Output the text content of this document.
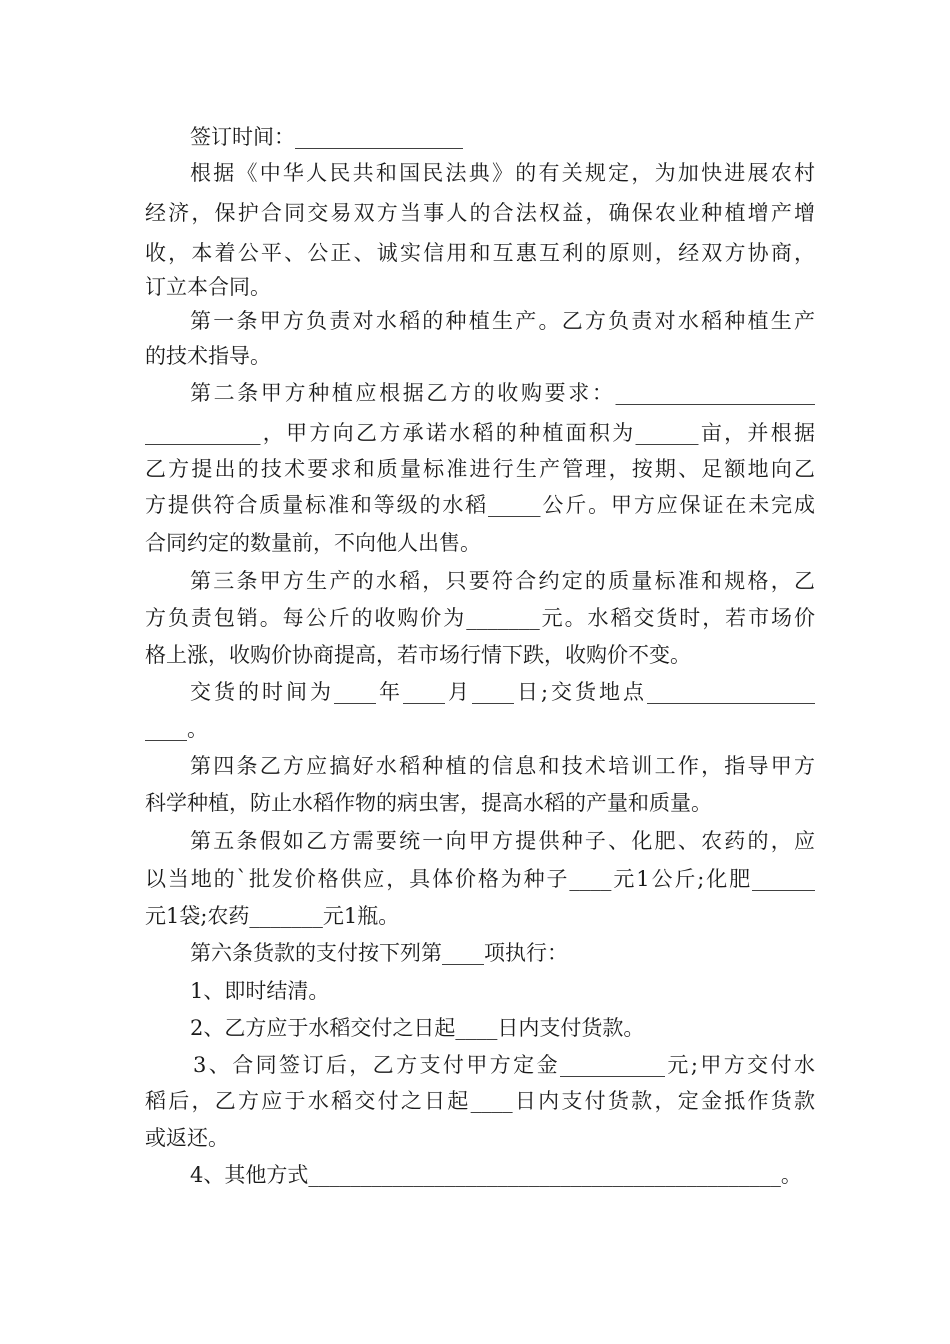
签订时间：________________
根据《中华人民共和国民法典》的有关规定，为加快进展农村
经济，保护合同交易双方当事人的合法权益，确保农业种植增产增
收，本着公平、公正、诚实信用和互惠互利的原则，经双方协商，
订立本合同。
第一条甲方负责对水稻的种植生产。乙方负责对水稻种植生产
的技术指导。
第二条甲方种植应根据乙方的收购要求：___________________
___________，甲方向乙方承诺水稻的种植面积为______亩，并根据
乙方提出的技术要求和质量标准进行生产管理，按期、足额地向乙
方提供符合质量标准和等级的水稻_____公斤。甲方应保证在未完成
合同约定的数量前，不向他人出售。
第三条甲方生产的水稻，只要符合约定的质量标准和规格，乙
方负责包销。每公斤的收购价为_______元。水稻交货时，若市场价
格上涨，收购价协商提高，若市场行情下跌，收购价不变。
交货的时间为____年____月____日;交货地点________________
____。
第四条乙方应搞好水稻种植的信息和技术培训工作，指导甲方
科学种植，防止水稻作物的病虫害，提高水稻的产量和质量。
第五条假如乙方需要统一向甲方提供种子、化肥、农药的，应
以当地的`批发价格供应，具体价格为种子____元1公斤;化肥______
元1袋;农药_______元1瓶。
第六条货款的支付按下列第____项执行：
1、即时结清。
2、乙方应于水稻交付之日起____日内支付货款。
3、合同签订后，乙方支付甲方定金__________元;甲方交付水
稻后，乙方应于水稻交付之日起____日内支付货款，定金抵作货款
或返还。
4、其他方式_____________________________________________。
